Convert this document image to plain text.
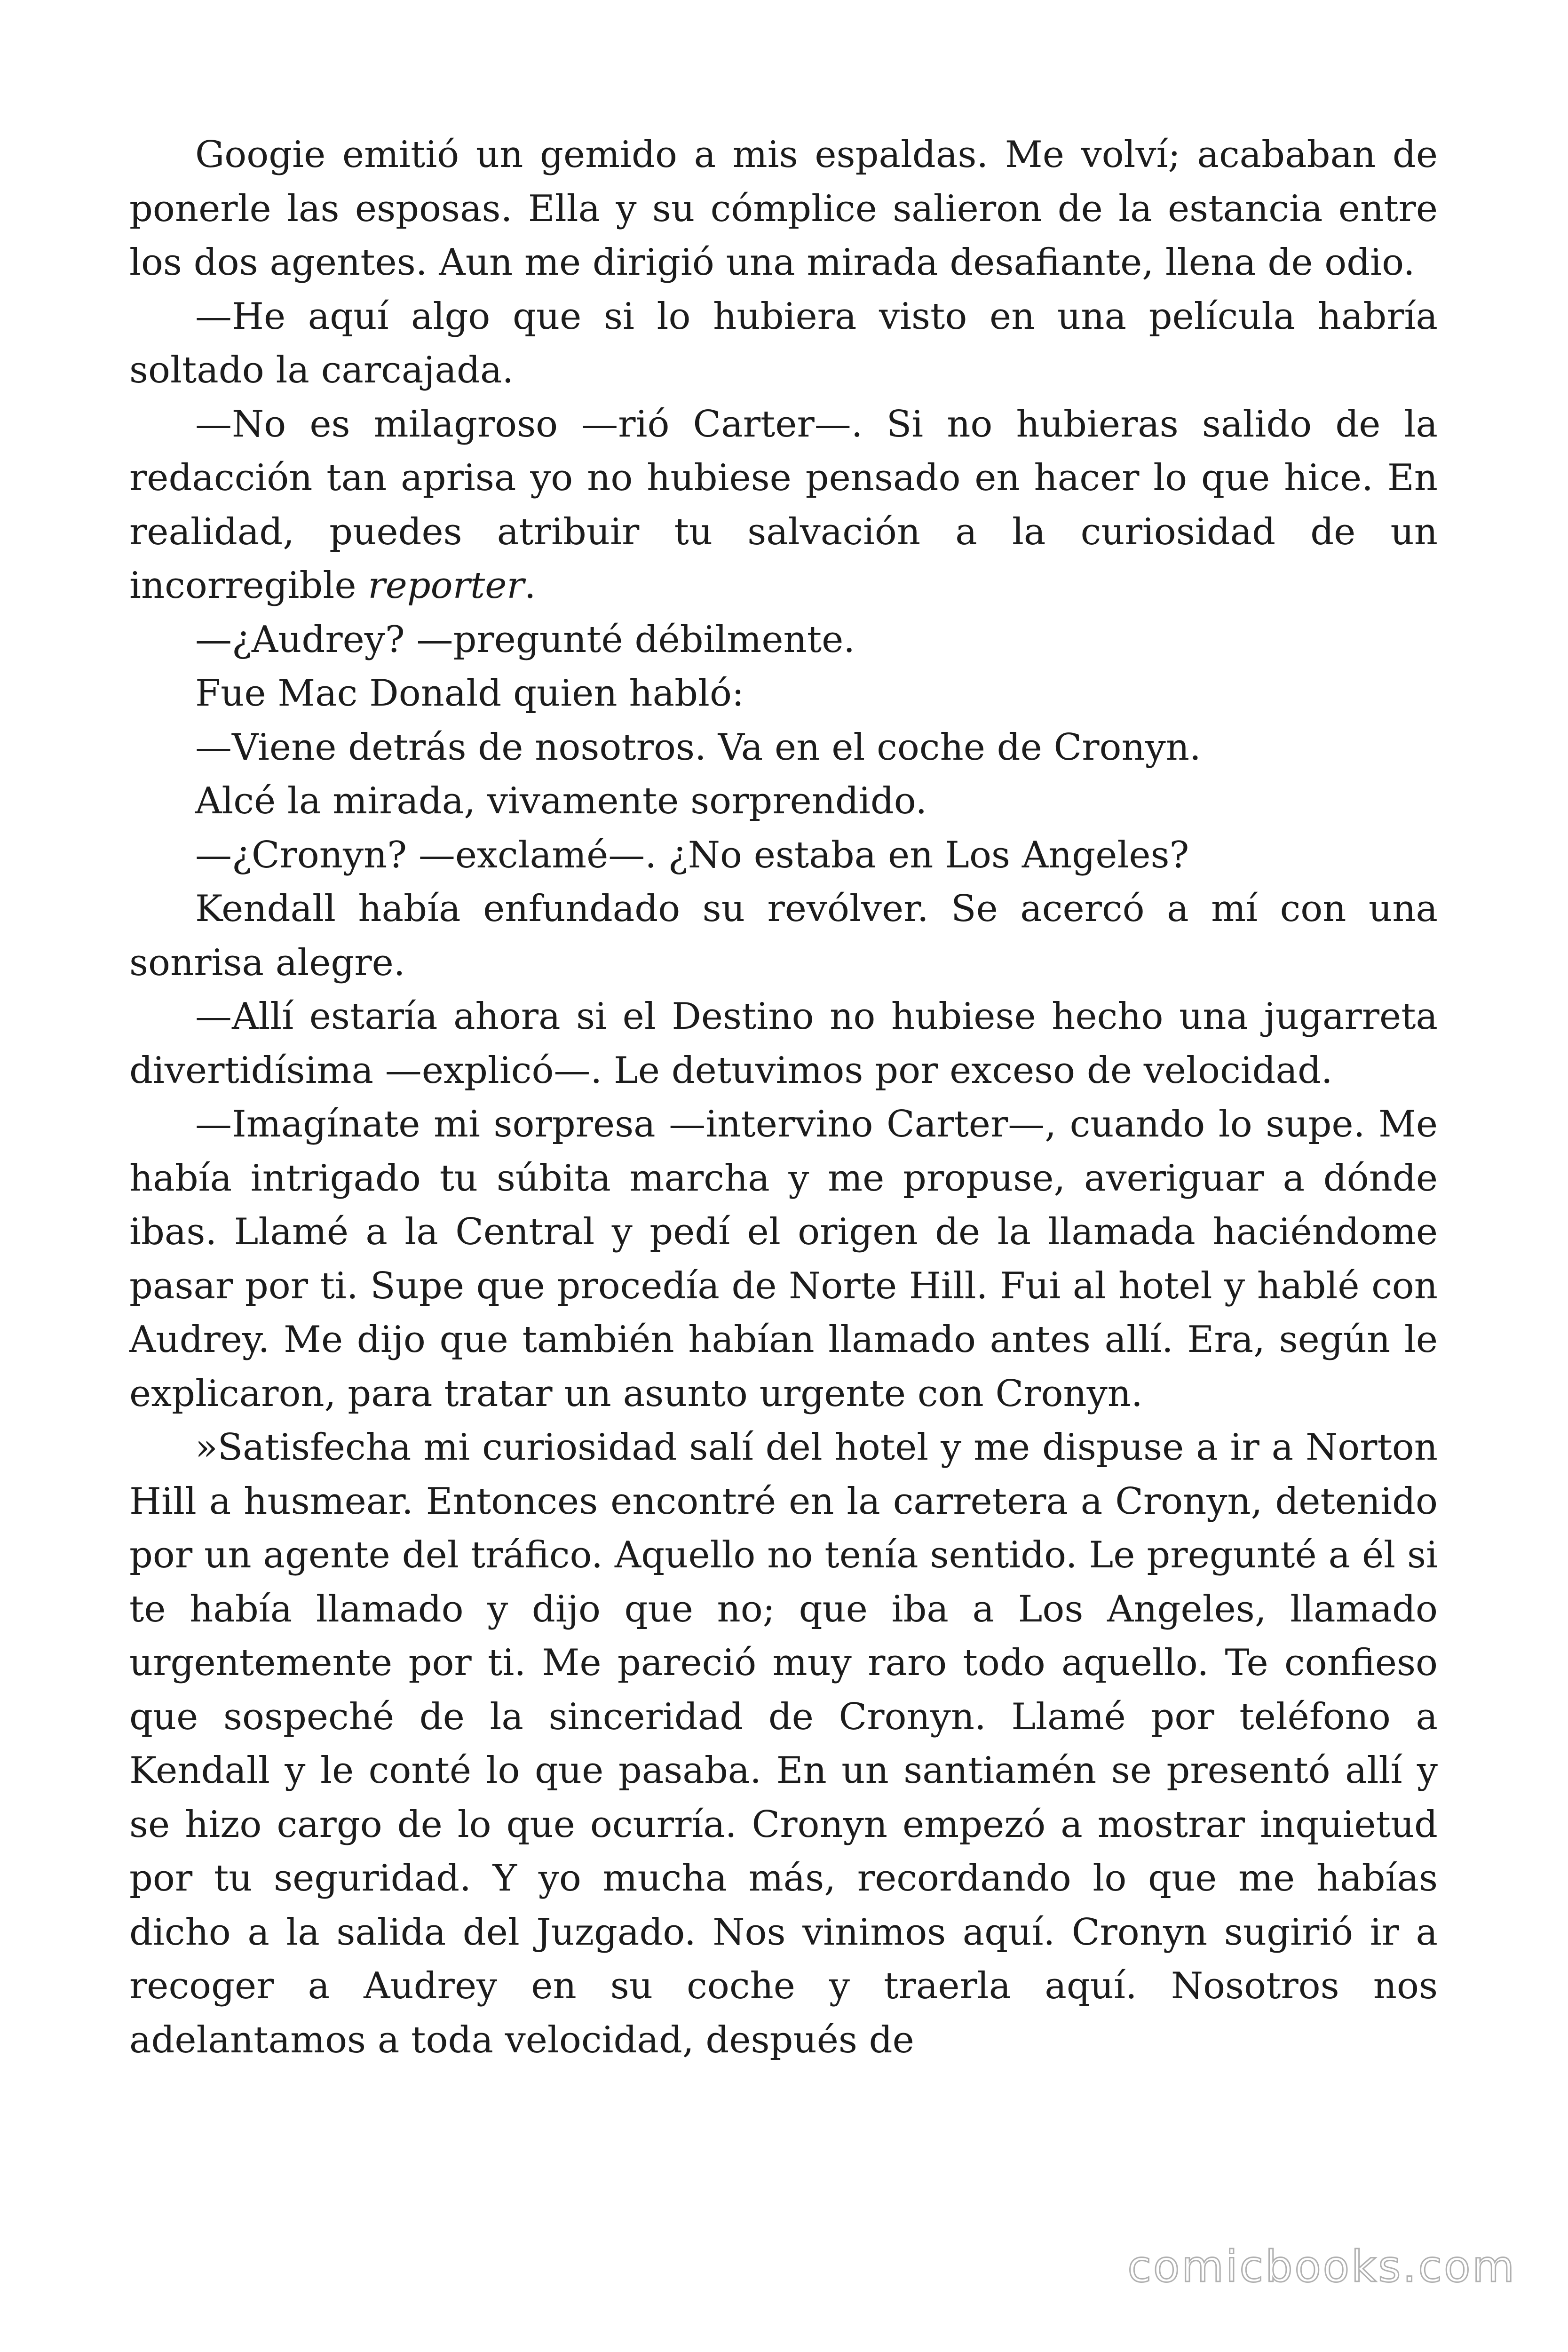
Googie emitió un gemido a mis espaldas. Me volví; acababan de ponerle las esposas. Ella y su cómplice salieron de la estancia entre los dos agentes. Aun me dirigió una mirada desafiante, llena de odio.

—He aquí algo que si lo hubiera visto en una película habría soltado la carcajada.

—No es milagroso —rió Carter—. Si no hubieras salido de la redacción tan aprisa yo no hubiese pensado en hacer lo que hice. En realidad, puedes atribuir tu salvación a la curiosidad de un incorregible reporter.

—¿Audrey? —pregunté débilmente.

Fue Mac Donald quien habló:

—Viene detrás de nosotros. Va en el coche de Cronyn.

Alcé la mirada, vivamente sorprendido.

—¿Cronyn? —exclamé—. ¿No estaba en Los Angeles?

Kendall había enfundado su revólver. Se acercó a mí con una sonrisa alegre.

—Allí estaría ahora si el Destino no hubiese hecho una jugarreta divertidísima —explicó—. Le detuvimos por exceso de velocidad.

—Imagínate mi sorpresa —intervino Carter—, cuando lo supe. Me había intrigado tu súbita marcha y me propuse, averiguar a dónde ibas. Llamé a la Central y pedí el origen de la llamada haciéndome pasar por ti. Supe que procedía de Norte Hill. Fui al hotel y hablé con Audrey. Me dijo que también habían llamado antes allí. Era, según le explicaron, para tratar un asunto urgente con Cronyn.

»Satisfecha mi curiosidad salí del hotel y me dispuse a ir a Norton Hill a husmear. Entonces encontré en la carretera a Cronyn, detenido por un agente del tráfico. Aquello no tenía sentido. Le pregunté a él si te había llamado y dijo que no; que iba a Los Angeles, llamado urgentemente por ti. Me pareció muy raro todo aquello. Te confieso que sospeché de la sinceridad de Cronyn. Llamé por teléfono a Kendall y le conté lo que pasaba. En un santiamén se presentó allí y se hizo cargo de lo que ocurría. Cronyn empezó a mostrar inquietud por tu seguridad. Y yo mucha más, recordando lo que me habías dicho a la salida del Juzgado. Nos vinimos aquí. Cronyn sugirió ir a recoger a Audrey en su coche y traerla aquí. Nosotros nos adelantamos a toda velocidad, después de

comicbooks.com
